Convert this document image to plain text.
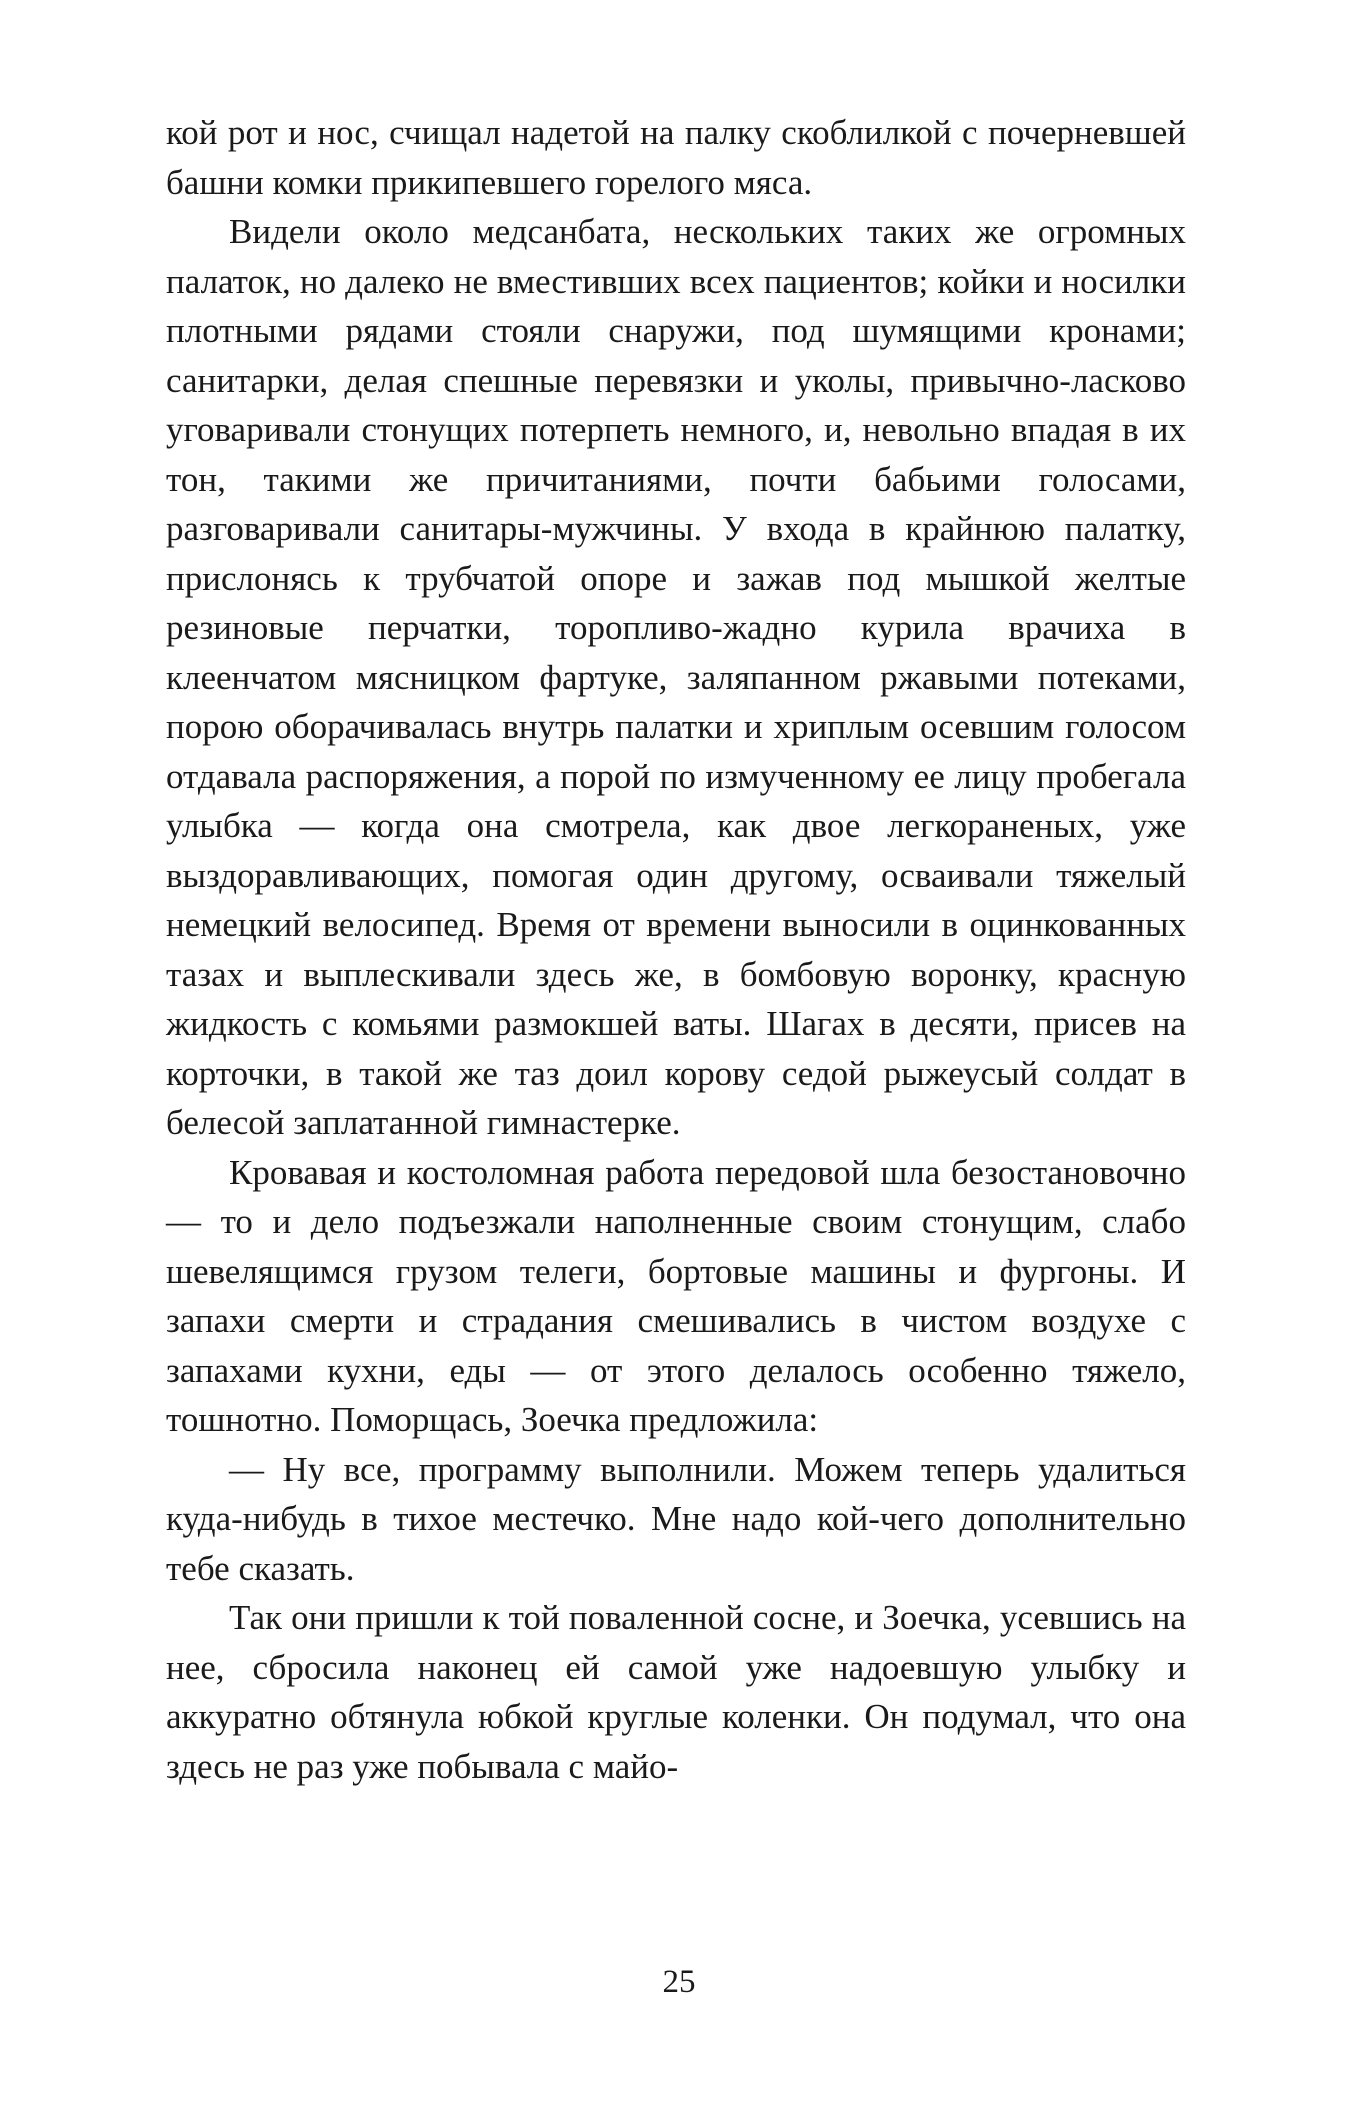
кой рот и нос, счищал надетой на палку скоблилкой с почерневшей башни комки прикипевшего горелого мяса.

Видели около медсанбата, нескольких таких же огромных палаток, но далеко не вместивших всех пациентов; койки и носилки плотными рядами стояли снаружи, под шумящими кронами; санитарки, делая спешные перевязки и уколы, привычно-ласково уговаривали стонущих потерпеть немного, и, невольно впадая в их тон, такими же причитаниями, почти бабьими голосами, разговаривали санитары-мужчины. У входа в крайнюю палатку, прислонясь к трубчатой опоре и зажав под мышкой желтые резиновые перчатки, торопливо-жадно курила врачиха в клеенчатом мясницком фартуке, заляпанном ржавыми потеками, порою оборачивалась внутрь палатки и хриплым осевшим голосом отдавала распоряжения, а порой по измученному ее лицу пробегала улыбка — когда она смотрела, как двое легкораненых, уже выздоравливающих, помогая один другому, осваивали тяжелый немецкий велосипед. Время от времени выносили в оцинкованных тазах и выплескивали здесь же, в бомбовую воронку, красную жидкость с комьями размокшей ваты. Шагах в десяти, присев на корточки, в такой же таз доил корову седой рыжеусый солдат в белесой заплатанной гимнастерке.

Кровавая и костоломная работа передовой шла безостановочно — то и дело подъезжали наполненные своим стонущим, слабо шевелящимся грузом телеги, бортовые машины и фургоны. И запахи смерти и страдания смешивались в чистом воздухе с запахами кухни, еды — от этого делалось особенно тяжело, тошнотно. Поморщась, Зоечка предложила:

— Ну все, программу выполнили. Можем теперь удалиться куда-нибудь в тихое местечко. Мне надо кой-чего дополнительно тебе сказать.

Так они пришли к той поваленной сосне, и Зоечка, усевшись на нее, сбросила наконец ей самой уже надоевшую улыбку и аккуратно обтянула юбкой круглые коленки. Он подумал, что она здесь не раз уже побывала с майо-

25
